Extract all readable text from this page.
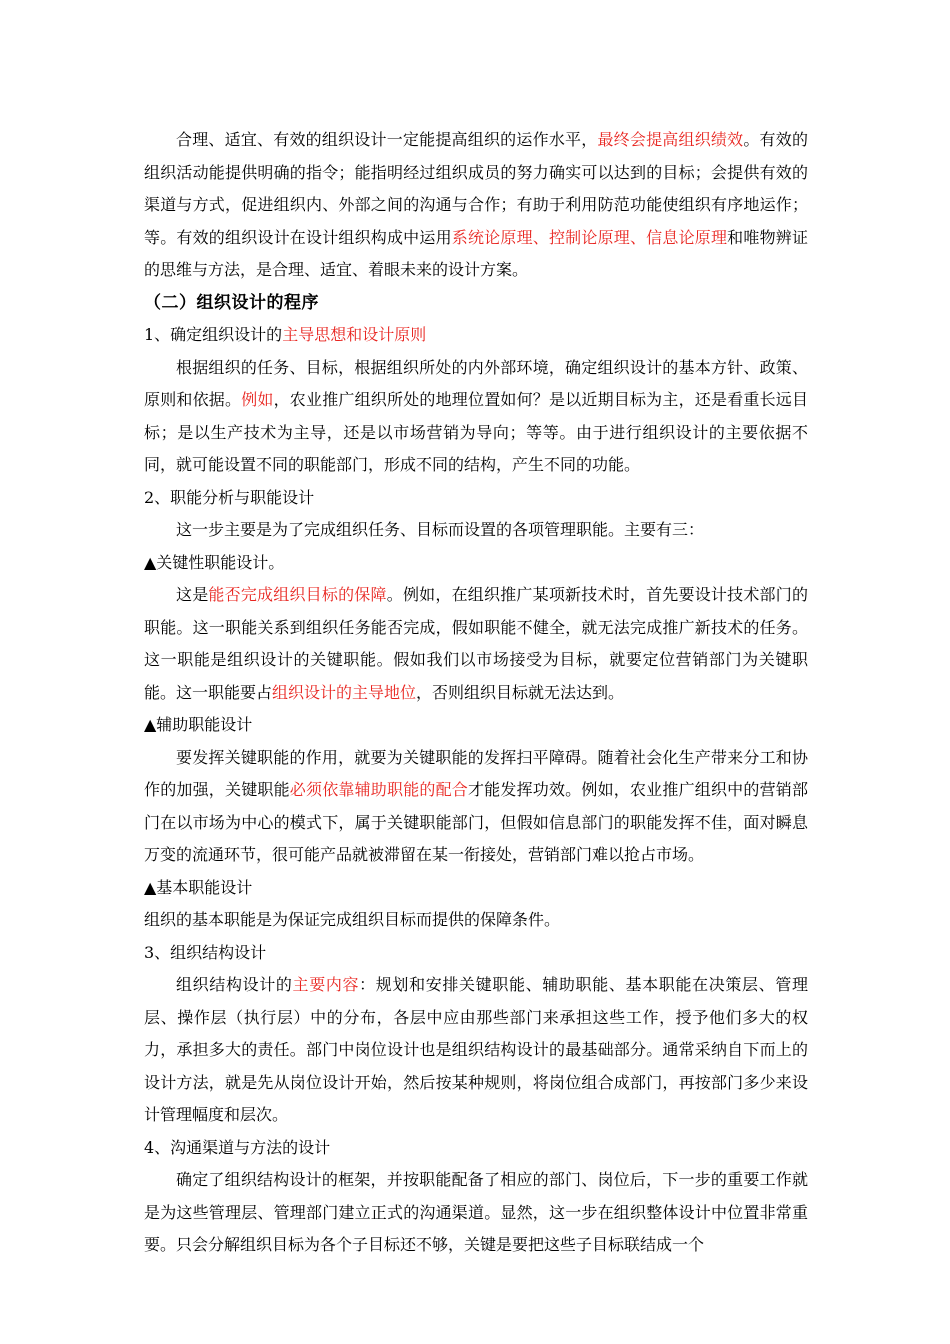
合理、适宜、有效的组织设计一定能提高组织的运作水平，最终会提高组织绩效。有效的组织活动能提供明确的指令；能指明经过组织成员的努力确实可以达到的目标；会提供有效的渠道与方式，促进组织内、外部之间的沟通与合作；有助于利用防范功能使组织有序地运作；等。有效的组织设计在设计组织构成中运用系统论原理、控制论原理、信息论原理和唯物辨证的思维与方法，是合理、适宜、着眼未来的设计方案。

（二）组织设计的程序

1、确定组织设计的主导思想和设计原则

根据组织的任务、目标，根据组织所处的内外部环境，确定组织设计的基本方针、政策、原则和依据。例如，农业推广组织所处的地理位置如何？是以近期目标为主，还是看重长远目标；是以生产技术为主导，还是以市场营销为导向；等等。由于进行组织设计的主要依据不同，就可能设置不同的职能部门，形成不同的结构，产生不同的功能。

2、职能分析与职能设计

这一步主要是为了完成组织任务、目标而设置的各项管理职能。主要有三：

▲关键性职能设计。

这是能否完成组织目标的保障。例如，在组织推广某项新技术时，首先要设计技术部门的职能。这一职能关系到组织任务能否完成，假如职能不健全，就无法完成推广新技术的任务。这一职能是组织设计的关键职能。假如我们以市场接受为目标，就要定位营销部门为关键职能。这一职能要占组织设计的主导地位，否则组织目标就无法达到。

▲辅助职能设计

要发挥关键职能的作用，就要为关键职能的发挥扫平障碍。随着社会化生产带来分工和协作的加强，关键职能必须依靠辅助职能的配合才能发挥功效。例如，农业推广组织中的营销部门在以市场为中心的模式下，属于关键职能部门，但假如信息部门的职能发挥不佳，面对瞬息万变的流通环节，很可能产品就被滞留在某一衔接处，营销部门难以抢占市场。

▲基本职能设计

组织的基本职能是为保证完成组织目标而提供的保障条件。

3、组织结构设计

组织结构设计的主要内容：规划和安排关键职能、辅助职能、基本职能在决策层、管理层、操作层（执行层）中的分布，各层中应由那些部门来承担这些工作，授予他们多大的权力，承担多大的责任。部门中岗位设计也是组织结构设计的最基础部分。通常采纳自下而上的设计方法，就是先从岗位设计开始，然后按某种规则，将岗位组合成部门，再按部门多少来设计管理幅度和层次。

4、沟通渠道与方法的设计

确定了组织结构设计的框架，并按职能配备了相应的部门、岗位后，下一步的重要工作就是为这些管理层、管理部门建立正式的沟通渠道。显然，这一步在组织整体设计中位置非常重要。只会分解组织目标为各个子目标还不够，关键是要把这些子目标联结成一个
